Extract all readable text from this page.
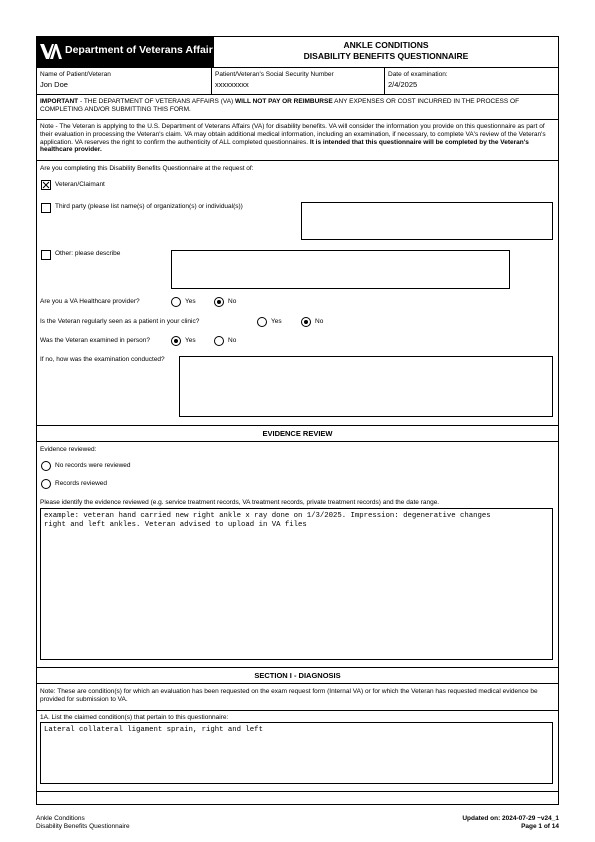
Department of Veterans Affairs	ANKLE CONDITIONS
DISABILITY BENEFITS QUESTIONNAIRE
Name of Patient/Veteran
Jon Doe
Patient/Veteran's Social Security Number
xxxxxxxxx
Date of examination:
2/4/2025
IMPORTANT - THE DEPARTMENT OF VETERANS AFFAIRS (VA) WILL NOT PAY OR REIMBURSE ANY EXPENSES OR COST INCURRED IN THE PROCESS OF COMPLETING AND/OR SUBMITTING THIS FORM.
Note - The Veteran is applying to the U.S. Department of Veterans Affairs (VA) for disability benefits. VA will consider the information you provide on this questionnaire as part of their evaluation in processing the Veteran's claim. VA may obtain additional medical information, including an examination, if necessary, to complete VA's review of the Veteran's application. VA reserves the right to confirm the authenticity of ALL completed questionnaires. It is intended that this questionnaire will be completed by the Veteran's healthcare provider.
Are you completing this Disability Benefits Questionnaire at the request of:
Veteran/Claimant
Third party (please list name(s) of organization(s) or individual(s))
Other: please describe
Are you a VA Healthcare provider?	Yes	No
Is the Veteran regularly seen as a patient in your clinic?	Yes	No
Was the Veteran examined in person?	Yes	No
If no, how was the examination conducted?
EVIDENCE REVIEW
Evidence reviewed:
No records were reviewed
Records reviewed
Please identify the evidence reviewed (e.g. service treatment records, VA treatment records, private treatment records) and the date range.
example: veteran hand carried new right ankle x ray done on 1/3/2025. Impression: degenerative changes
right and left ankles. Veteran advised to upload in VA files
SECTION I - DIAGNOSIS
Note: These are condition(s) for which an evaluation has been requested on the exam request form (Internal VA) or for which the Veteran has requested medical evidence be provided for submission to VA.
1A. List the claimed condition(s) that pertain to this questionnaire:
Lateral collateral ligament sprain, right and left
Ankle Conditions
Disability Benefits Questionnaire
Updated on: 2024-07-29 ~v24_1
Page 1 of 14
